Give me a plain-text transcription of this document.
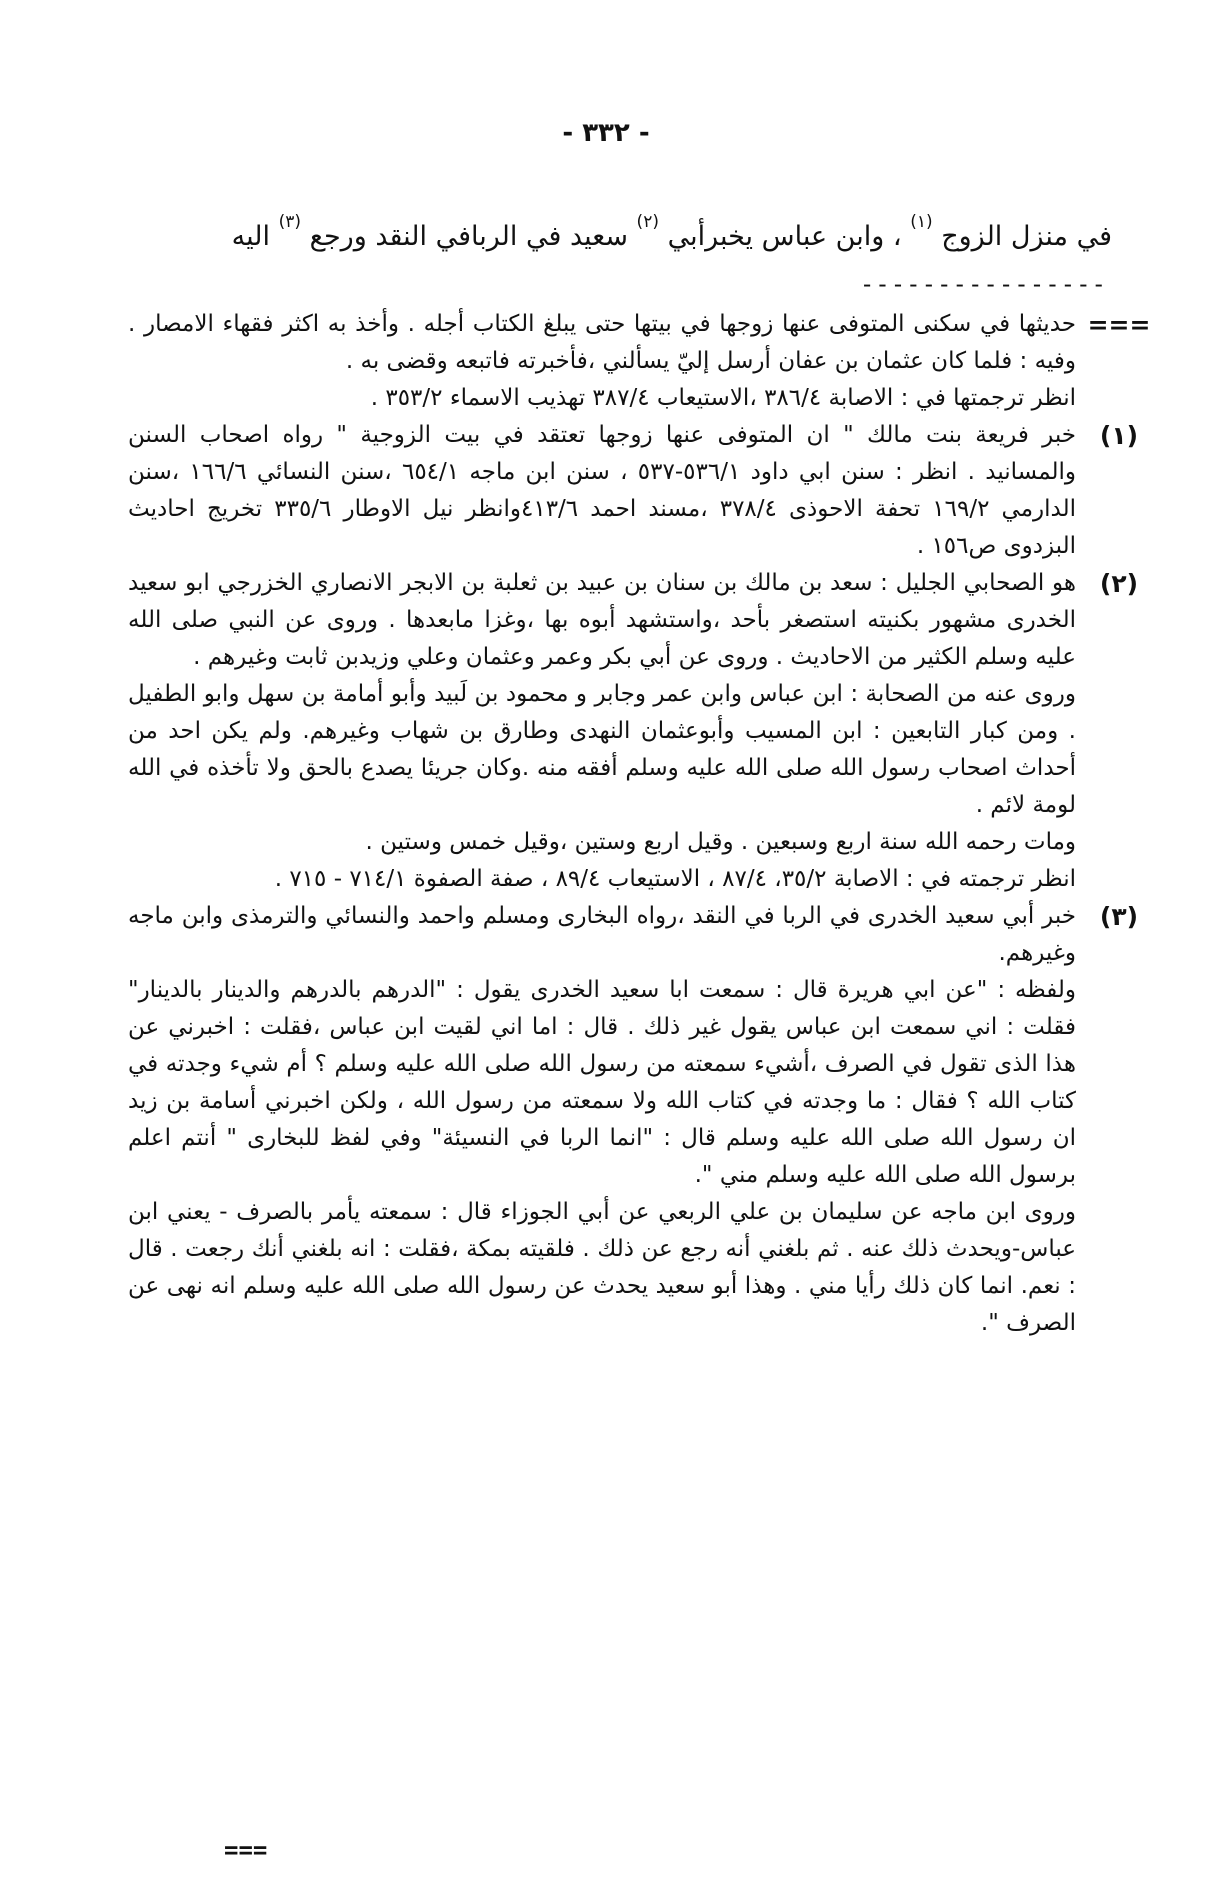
- ٣٣٢ -
في منزل الزوج $^{(١)}$ ، وابن عباس يخبرأبي $^{(٢)}$ سعيد في الربافي النقد ورجع $^{(٣)}$ اليه
----------------
===

حديثها في سكنى المتوفى عنها زوجها في بيتها حتى يبلغ الكتاب أجله . وأخذ به اكثر فقهاء الامصار . وفيه : فلما كان عثمان بن عفان أرسل إليّ يسألني ،فأخبرته فاتبعه وقضى به .

انظر ترجمتها في : الاصابة ٣٨٦/٤ ،الاستيعاب ٣٨٧/٤ تهذيب الاسماء ٣٥٣/٢ .

(١)

خبر فريعة بنت مالك " ان المتوفى عنها زوجها تعتقد في بيت الزوجية " رواه اصحاب السنن والمسانيد . انظر : سنن ابي داود ٥٣٦/١-٥٣٧ ، سنن ابن ماجه ٦٥٤/١ ،سنن النسائي ١٦٦/٦ ،سنن الدارمي ١٦٩/٢ تحفة الاحوذى ٣٧٨/٤ ،مسند احمد ٤١٣/٦وانظر نيل الاوطار ٣٣٥/٦ تخريج احاديث البزدوى ص١٥٦ .

(٢)

هو الصحابي الجليل : سعد بن مالك بن سنان بن عبيد بن ثعلبة بن الابجر الانصاري الخزرجي ابو سعيد الخدرى مشهور بكنيته استصغر بأحد ،واستشهد أبوه بها ،وغزا مابعدها . وروى عن النبي صلى الله عليه وسلم الكثير من الاحاديث . وروى عن أبي بكر وعمر وعثمان وعلي وزيدبن ثابت وغيرهم .

وروى عنه من الصحابة : ابن عباس وابن عمر وجابر و محمود بن لَبيد وأبو أمامة بن سهل وابو الطفيل . ومن كبار التابعين : ابن المسيب وأبوعثمان النهدى وطارق بن شهاب وغيرهم. ولم يكن احد من أحداث اصحاب رسول الله صلى الله عليه وسلم أفقه منه .وكان جريئا يصدع بالحق ولا تأخذه في الله لومة لائم .

ومات رحمه الله سنة اربع وسبعين . وقيل اربع وستين ،وقيل خمس وستين .

انظر ترجمته في : الاصابة ٣٥/٢، ٨٧/٤ ، الاستيعاب ٨٩/٤ ، صفة الصفوة ٧١٤/١ - ٧١٥ .

(٣)

خبر أبي سعيد الخدرى في الربا في النقد ،رواه البخارى ومسلم واحمد والنسائي والترمذى وابن ماجه وغيرهم.

ولفظه : "عن ابي هريرة قال : سمعت ابا سعيد الخدرى يقول : "الدرهم بالدرهم والدينار بالدينار" فقلت : اني سمعت ابن عباس يقول غير ذلك . قال : اما اني لقيت ابن عباس ،فقلت : اخبرني عن هذا الذى تقول في الصرف ،أشيء سمعته من رسول الله صلى الله عليه وسلم ؟ أم شيء وجدته في كتاب الله ؟ فقال : ما وجدته في كتاب الله ولا سمعته من رسول الله ، ولكن اخبرني أسامة بن زيد ان رسول الله صلى الله عليه وسلم قال : "انما الربا في النسيئة" وفي لفظ للبخارى " أنتم اعلم برسول الله صلى الله عليه وسلم مني ".

وروى ابن ماجه عن سليمان بن علي الربعي عن أبي الجوزاء قال : سمعته يأمر بالصرف - يعني ابن عباس-ويحدث ذلك عنه . ثم بلغني أنه رجع عن ذلك . فلقيته بمكة ،فقلت : انه بلغني أنك رجعت . قال : نعم. انما كان ذلك رأيا مني . وهذا أبو سعيد يحدث عن رسول الله صلى الله عليه وسلم انه نهى عن الصرف ".

===
